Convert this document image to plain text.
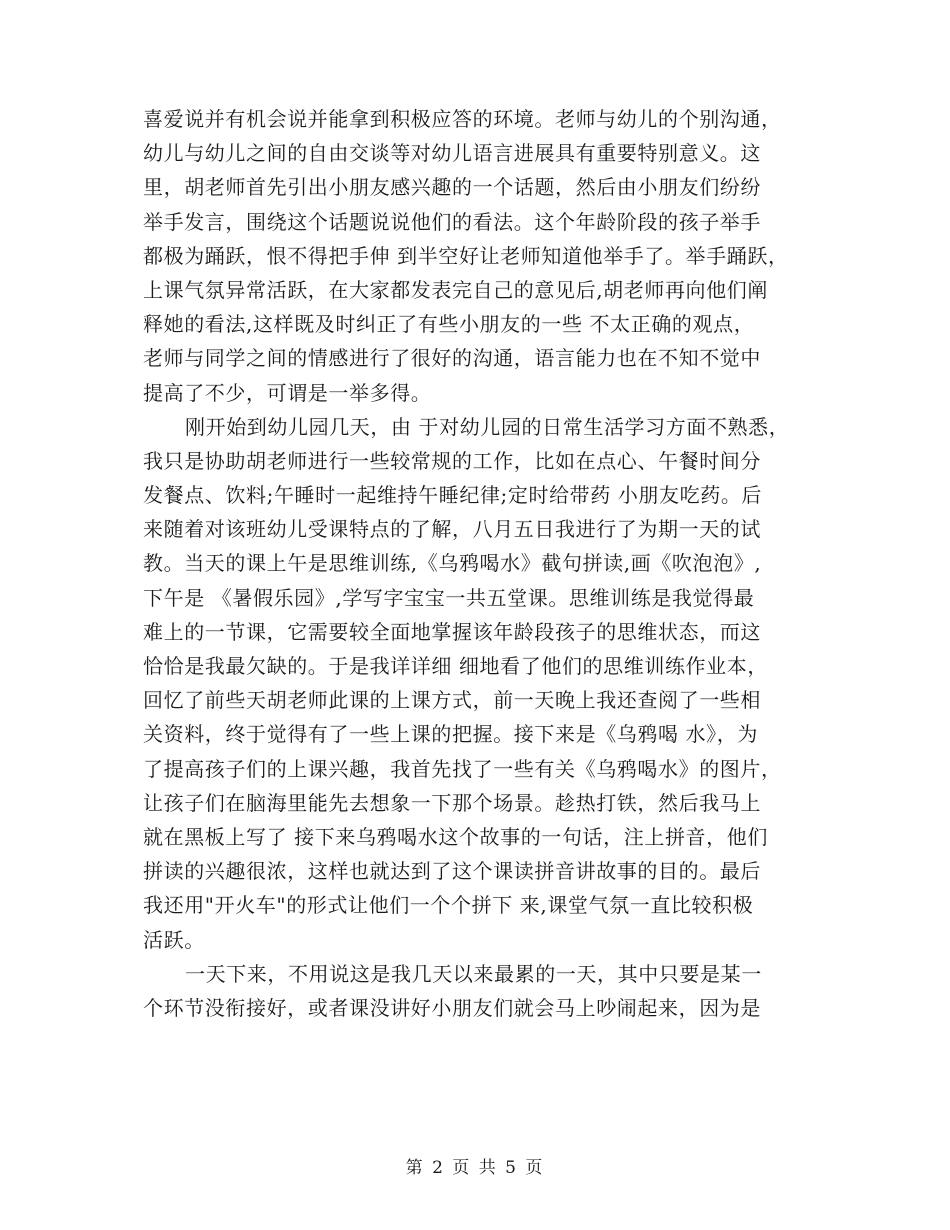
喜爱说并有机会说并能拿到积极应答的环境。老师与幼儿的个别沟通，
幼儿与幼儿之间的自由交谈等对幼儿语言进展具有重要特别意义。这
里，胡老师首先引出小朋友感兴趣的一个话题，然后由小朋友们纷纷
举手发言，围绕这个话题说说他们的看法。这个年龄阶段的孩子举手
都极为踊跃，恨不得把手伸 到半空好让老师知道他举手了。举手踊跃，
上课气氛异常活跃，在大家都发表完自己的意见后,胡老师再向他们阐
释她的看法,这样既及时纠正了有些小朋友的一些 不太正确的观点，
老师与同学之间的情感进行了很好的沟通，语言能力也在不知不觉中
提高了不少，可谓是一举多得。
刚开始到幼儿园几天，由 于对幼儿园的日常生活学习方面不熟悉，
我只是协助胡老师进行一些较常规的工作，比如在点心、午餐时间分
发餐点、饮料;午睡时一起维持午睡纪律;定时给带药 小朋友吃药。后
来随着对该班幼儿受课特点的了解，八月五日我进行了为期一天的试
教。当天的课上午是思维训练,《乌鸦喝水》截句拼读,画《吹泡泡》,
下午是 《暑假乐园》,学写字宝宝一共五堂课。思维训练是我觉得最
难上的一节课，它需要较全面地掌握该年龄段孩子的思维状态，而这
恰恰是我最欠缺的。于是我详详细 细地看了他们的思维训练作业本，
回忆了前些天胡老师此课的上课方式，前一天晚上我还查阅了一些相
关资料，终于觉得有了一些上课的把握。接下来是《乌鸦喝 水》，为
了提高孩子们的上课兴趣，我首先找了一些有关《乌鸦喝水》的图片，
让孩子们在脑海里能先去想象一下那个场景。趁热打铁，然后我马上
就在黑板上写了 接下来乌鸦喝水这个故事的一句话，注上拼音，他们
拼读的兴趣很浓，这样也就达到了这个课读拼音讲故事的目的。最后
我还用"开火车"的形式让他们一个个拼下 来,课堂气氛一直比较积极
活跃。
一天下来，不用说这是我几天以来最累的一天，其中只要是某一
个环节没衔接好，或者课没讲好小朋友们就会马上吵闹起来，因为是
第 2 页 共 5 页
